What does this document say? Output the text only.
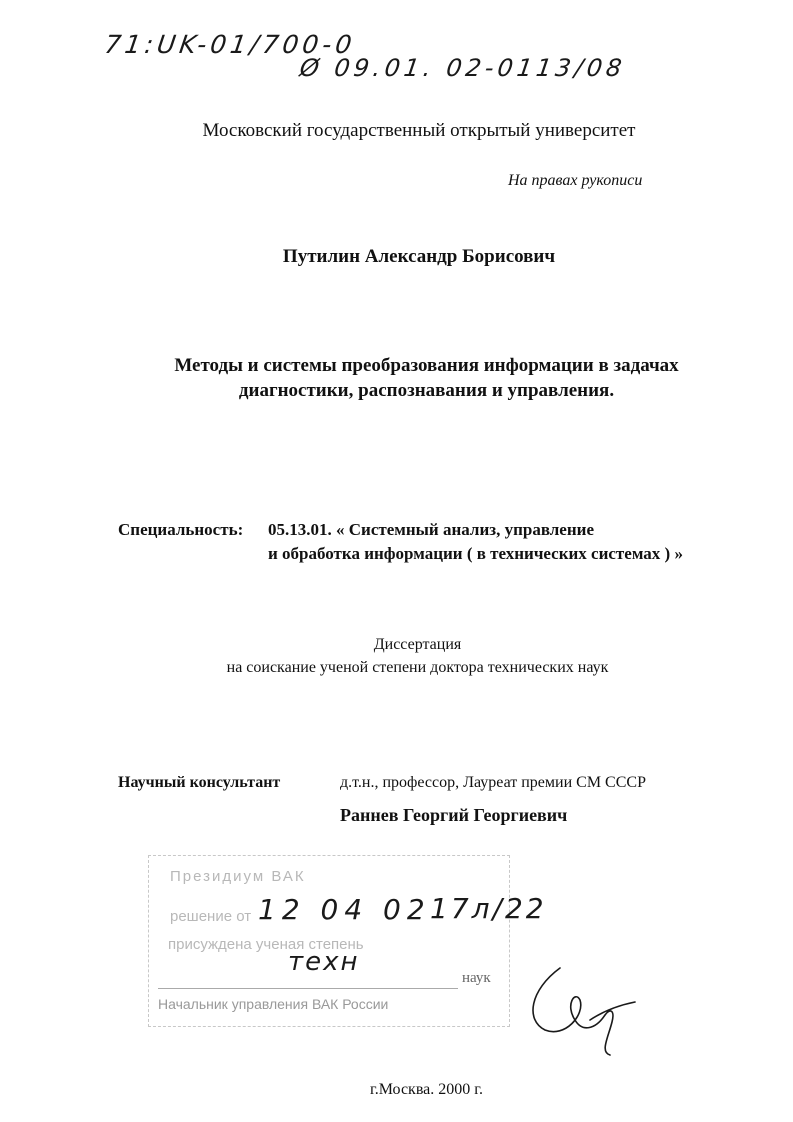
71:UK-01/700-0
Ø 09.01. 02-0113/08
Московский государственный открытый университет
На правах рукописи
Путилин Александр Борисович
Методы и системы преобразования информации в задачах
диагностики, распознавания и управления.
Специальность: 05.13.01. « Системный анализ, управление
и обработка информации ( в технических системах ) »
Диссертация
на соискание ученой степени доктора технических наук
Научный консультант	д.т.н., профессор, Лауреат премии СМ СССР
Раннев Георгий Георгиевич
Президиум ВАК
решение от
присуждена ученая степень
наук
Начальник управления ВАК России
12 04 02 17л/22
техн
г.Москва. 2000 г.
